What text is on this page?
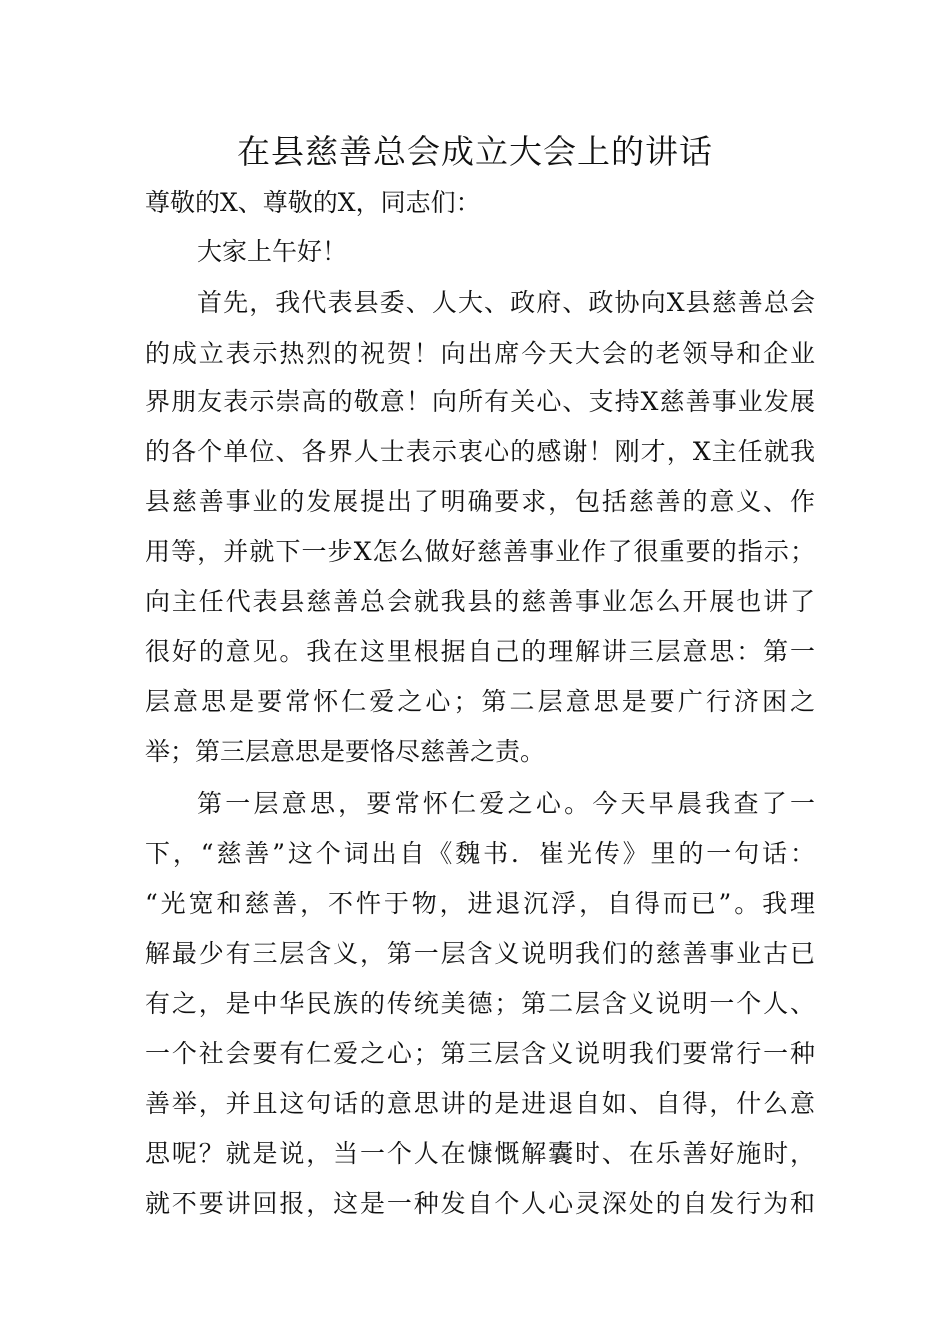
在县慈善总会成立大会上的讲话
尊敬的X、尊敬的X，同志们：
大家上午好！
首先，我代表县委、人大、政府、政协向X县慈善总会
的成立表示热烈的祝贺！向出席今天大会的老领导和企业
界朋友表示崇高的敬意！向所有关心、支持X慈善事业发展
的各个单位、各界人士表示衷心的感谢！刚才，X主任就我
县慈善事业的发展提出了明确要求，包括慈善的意义、作
用等，并就下一步X怎么做好慈善事业作了很重要的指示；
向主任代表县慈善总会就我县的慈善事业怎么开展也讲了
很好的意见。我在这里根据自己的理解讲三层意思：第一
层意思是要常怀仁爱之心；第二层意思是要广行济困之
举；第三层意思是要恪尽慈善之责。
第一层意思，要常怀仁爱之心。今天早晨我查了一
下，“慈善”这个词出自《魏书．崔光传》里的一句话：
“光宽和慈善，不忤于物，进退沉浮，自得而已”。我理
解最少有三层含义，第一层含义说明我们的慈善事业古已
有之，是中华民族的传统美德；第二层含义说明一个人、
一个社会要有仁爱之心；第三层含义说明我们要常行一种
善举，并且这句话的意思讲的是进退自如、自得，什么意
思呢？就是说，当一个人在慷慨解囊时、在乐善好施时，
就不要讲回报，这是一种发自个人心灵深处的自发行为和
